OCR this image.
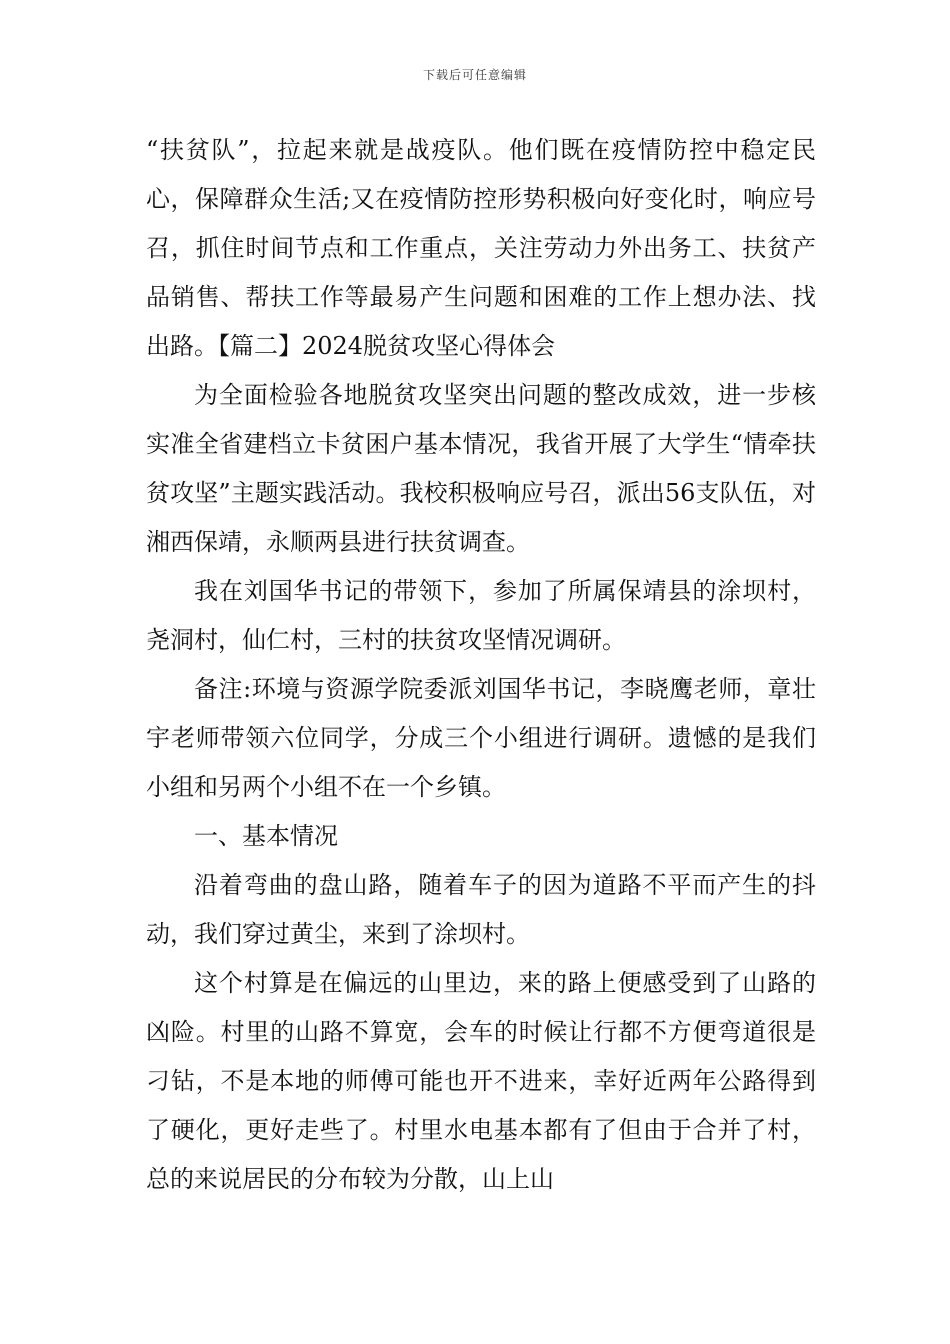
下载后可任意编辑

“扶贫队”，拉起来就是战疫队。他们既在疫情防控中稳定民心，保障群众生活;又在疫情防控形势积极向好变化时，响应号召，抓住时间节点和工作重点，关注劳动力外出务工、扶贫产品销售、帮扶工作等最易产生问题和困难的工作上想办法、找出路。【篇二】2024脱贫攻坚心得体会

为全面检验各地脱贫攻坚突出问题的整改成效，进一步核实准全省建档立卡贫困户基本情况，我省开展了大学生“情牵扶贫攻坚”主题实践活动。我校积极响应号召，派出56支队伍，对湘西保靖，永顺两县进行扶贫调查。

我在刘国华书记的带领下，参加了所属保靖县的涂坝村，尧洞村，仙仁村，三村的扶贫攻坚情况调研。

备注:环境与资源学院委派刘国华书记，李晓鹰老师，章壮宇老师带领六位同学，分成三个小组进行调研。遗憾的是我们小组和另两个小组不在一个乡镇。

一、基本情况

沿着弯曲的盘山路，随着车子的因为道路不平而产生的抖动，我们穿过黄尘，来到了涂坝村。

这个村算是在偏远的山里边，来的路上便感受到了山路的凶险。村里的山路不算宽，会车的时候让行都不方便弯道很是刁钻，不是本地的师傅可能也开不进来，幸好近两年公路得到了硬化，更好走些了。村里水电基本都有了但由于合并了村，总的来说居民的分布较为分散，山上山
